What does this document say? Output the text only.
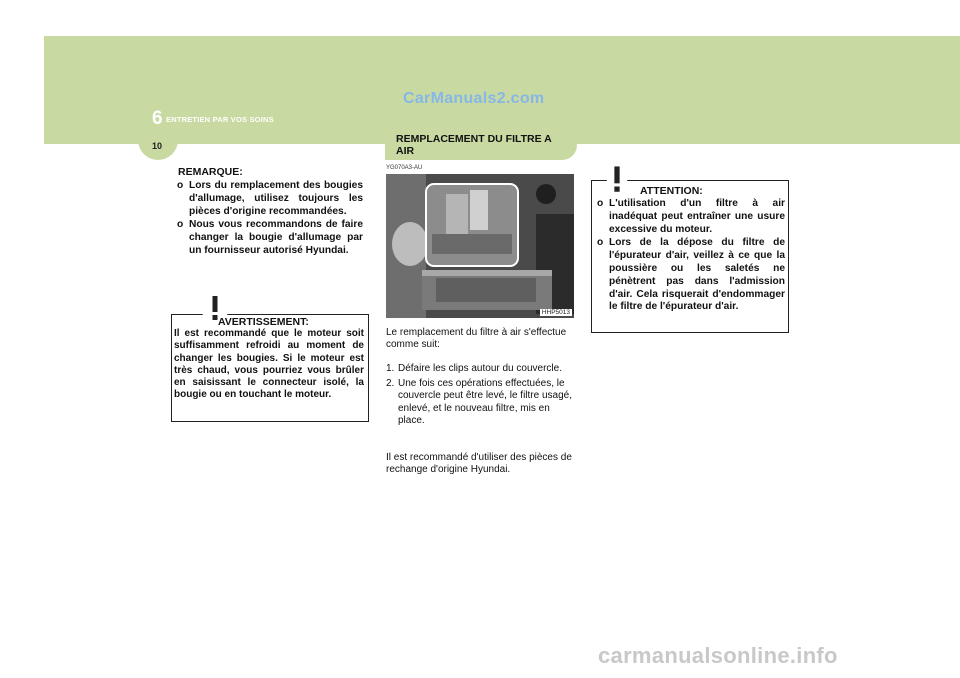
6 ENTRETIEN PAR VOS SOINS
10
CarManuals2.com
REMARQUE:
o Lors du remplacement des bougies d'allumage, utilisez toujours les pièces d'origine recommandées.
o Nous vous recommandons de faire changer la bougie d'allumage par un fournisseur autorisé Hyundai.
AVERTISSEMENT:
Il est recommandé que le moteur soit suffisamment refroidi au moment de changer les bougies. Si le moteur est très chaud, vous pourriez vous brûler en saisissant le connecteur isolé, la bougie ou en touchant le moteur.
REMPLACEMENT DU FILTRE A AIR
YG070A3-AU
HHP5013
Le remplacement du filtre à air s'effectue comme suit:
1. Défaire les clips autour du couvercle.
2. Une fois ces opérations effectuées, le couvercle peut être levé, le filtre usagé, enlevé, et le nouveau filtre, mis en place.
Il est recommandé d'utiliser des pièces de rechange d'origine Hyundai.
ATTENTION:
o L'utilisation d'un filtre à air inadéquat peut entraîner une usure excessive du moteur.
o Lors de la dépose du filtre de l'épurateur d'air, veillez à ce que la poussière ou les saletés ne pénètrent pas dans l'admission d'air. Cela risquerait d'endommager le filtre de l'épurateur d'air.
carmanualsonline.info
